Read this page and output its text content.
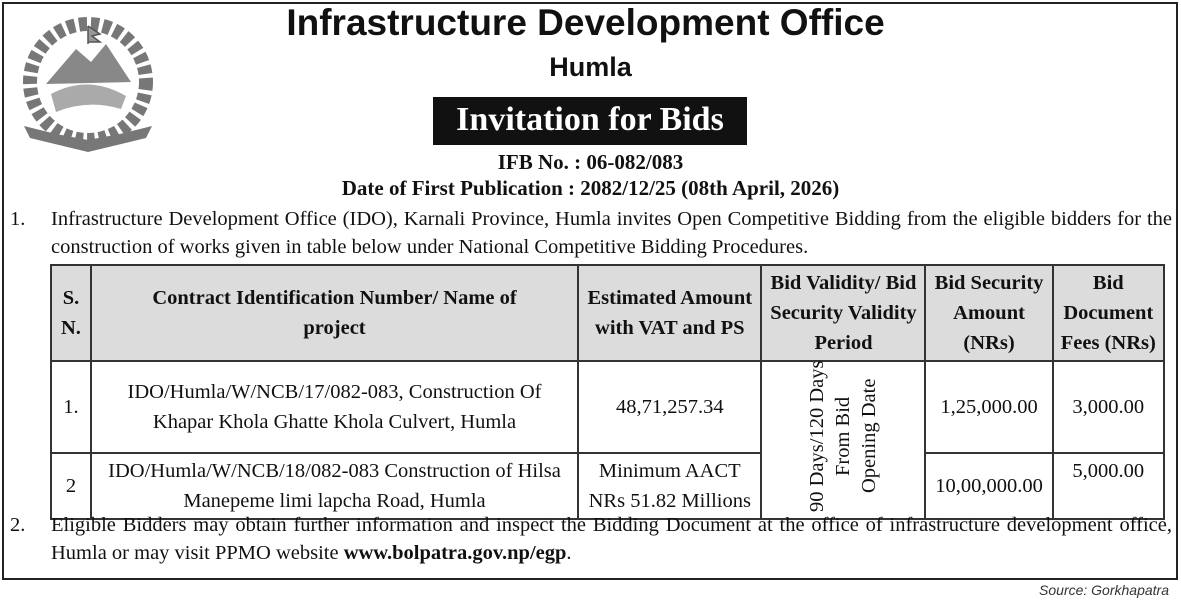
Infrastructure Development Office
Humla
Invitation for Bids
IFB No. : 06-082/083
Date of First Publication : 2082/12/25 (08th April, 2026)
1. Infrastructure Development Office (IDO), Karnali Province, Humla invites Open Competitive Bidding from the eligible bidders for the construction of works given in table below under National Competitive Bidding Procedures.
S. N.	Contract Identification Number/ Name of project	Estimated Amount with VAT and PS	Bid Validity/ Bid Security Validity Period	Bid Security Amount (NRs)	Bid Document Fees (NRs)
1.	IDO/Humla/W/NCB/17/082-083, Construction Of Khapar Khola Ghatte Khola Culvert, Humla	48,71,257.34	90 Days/120 Days From Bid Opening Date	1,25,000.00	3,000.00
2	IDO/Humla/W/NCB/18/082-083 Construction of Hilsa Manepeme limi lapcha Road, Humla	Minimum AACT NRs 51.82 Millions		10,00,000.00	5,000.00
2. Eligible Bidders may obtain further information and inspect the Bidding Document at the office of infrastructure development office, Humla or may visit PPMO website www.bolpatra.gov.np/egp.
Source: Gorkhapatra
